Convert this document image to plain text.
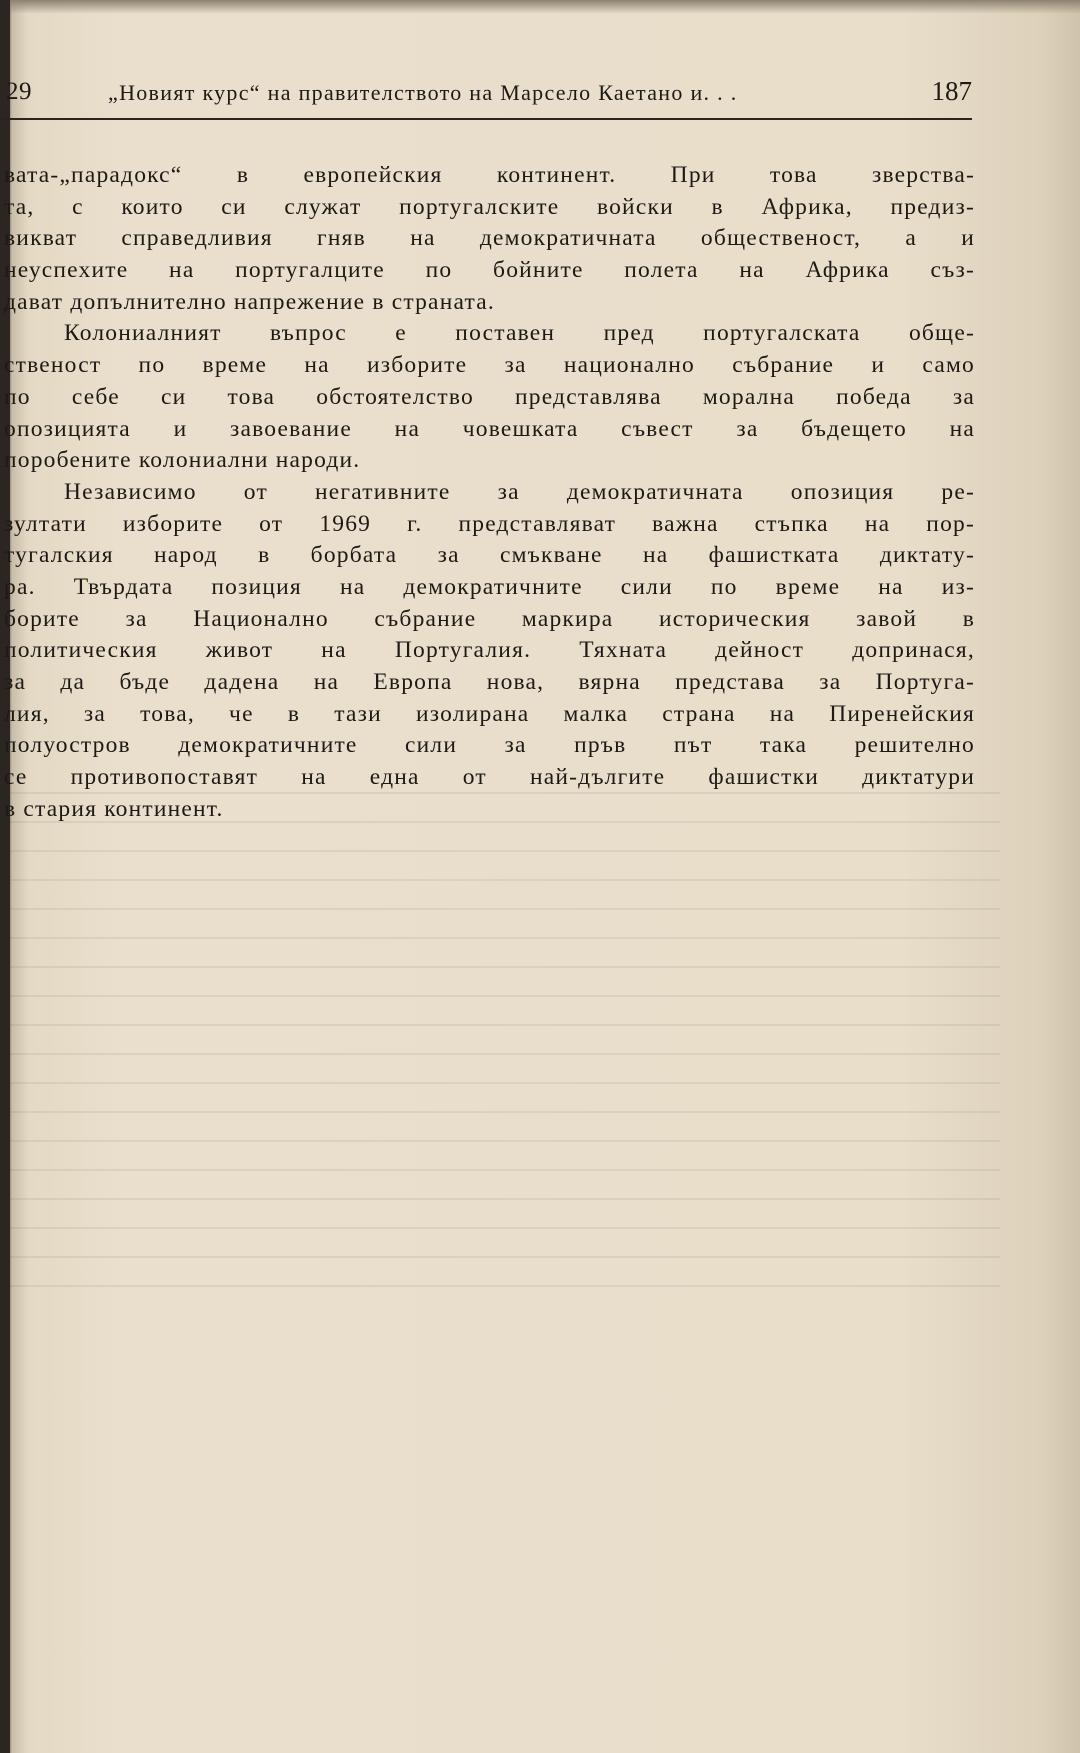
29	„Новият курс“ на правителството на Марсело Каетано и. . .	187
вата-„парадокс“ в европейския континент. При това зверства-
та, с които си служат португалските войски в Африка, предиз-
викват справедливия гняв на демократичната общественост, а и
неуспехите на португалците по бойните полета на Африка съз-
дават допълнително напрежение в страната.
Колониалният въпрос е поставен пред португалската обще-
ственост по време на изборите за национално събрание и само
по себе си това обстоятелство представлява морална победа за
опозицията и завоевание на човешката съвест за бъдещето на
поробените колониални народи.
Независимо от негативните за демократичната опозиция ре-
зултати изборите от 1969 г. представляват важна стъпка на пор-
тугалския народ в борбата за смъкване на фашистката диктату-
ра. Твърдата позиция на демократичните сили по време на из-
борите за Национално събрание маркира историческия завой в
политическия живот на Португалия. Тяхната дейност допринася,
за да бъде дадена на Европа нова, вярна представа за Португа-
лия, за това, че в тази изолирана малка страна на Пиренейския
полуостров демократичните сили за пръв път така решително
се противопоставят на една от най-дългите фашистки диктатури
в стария континент.
